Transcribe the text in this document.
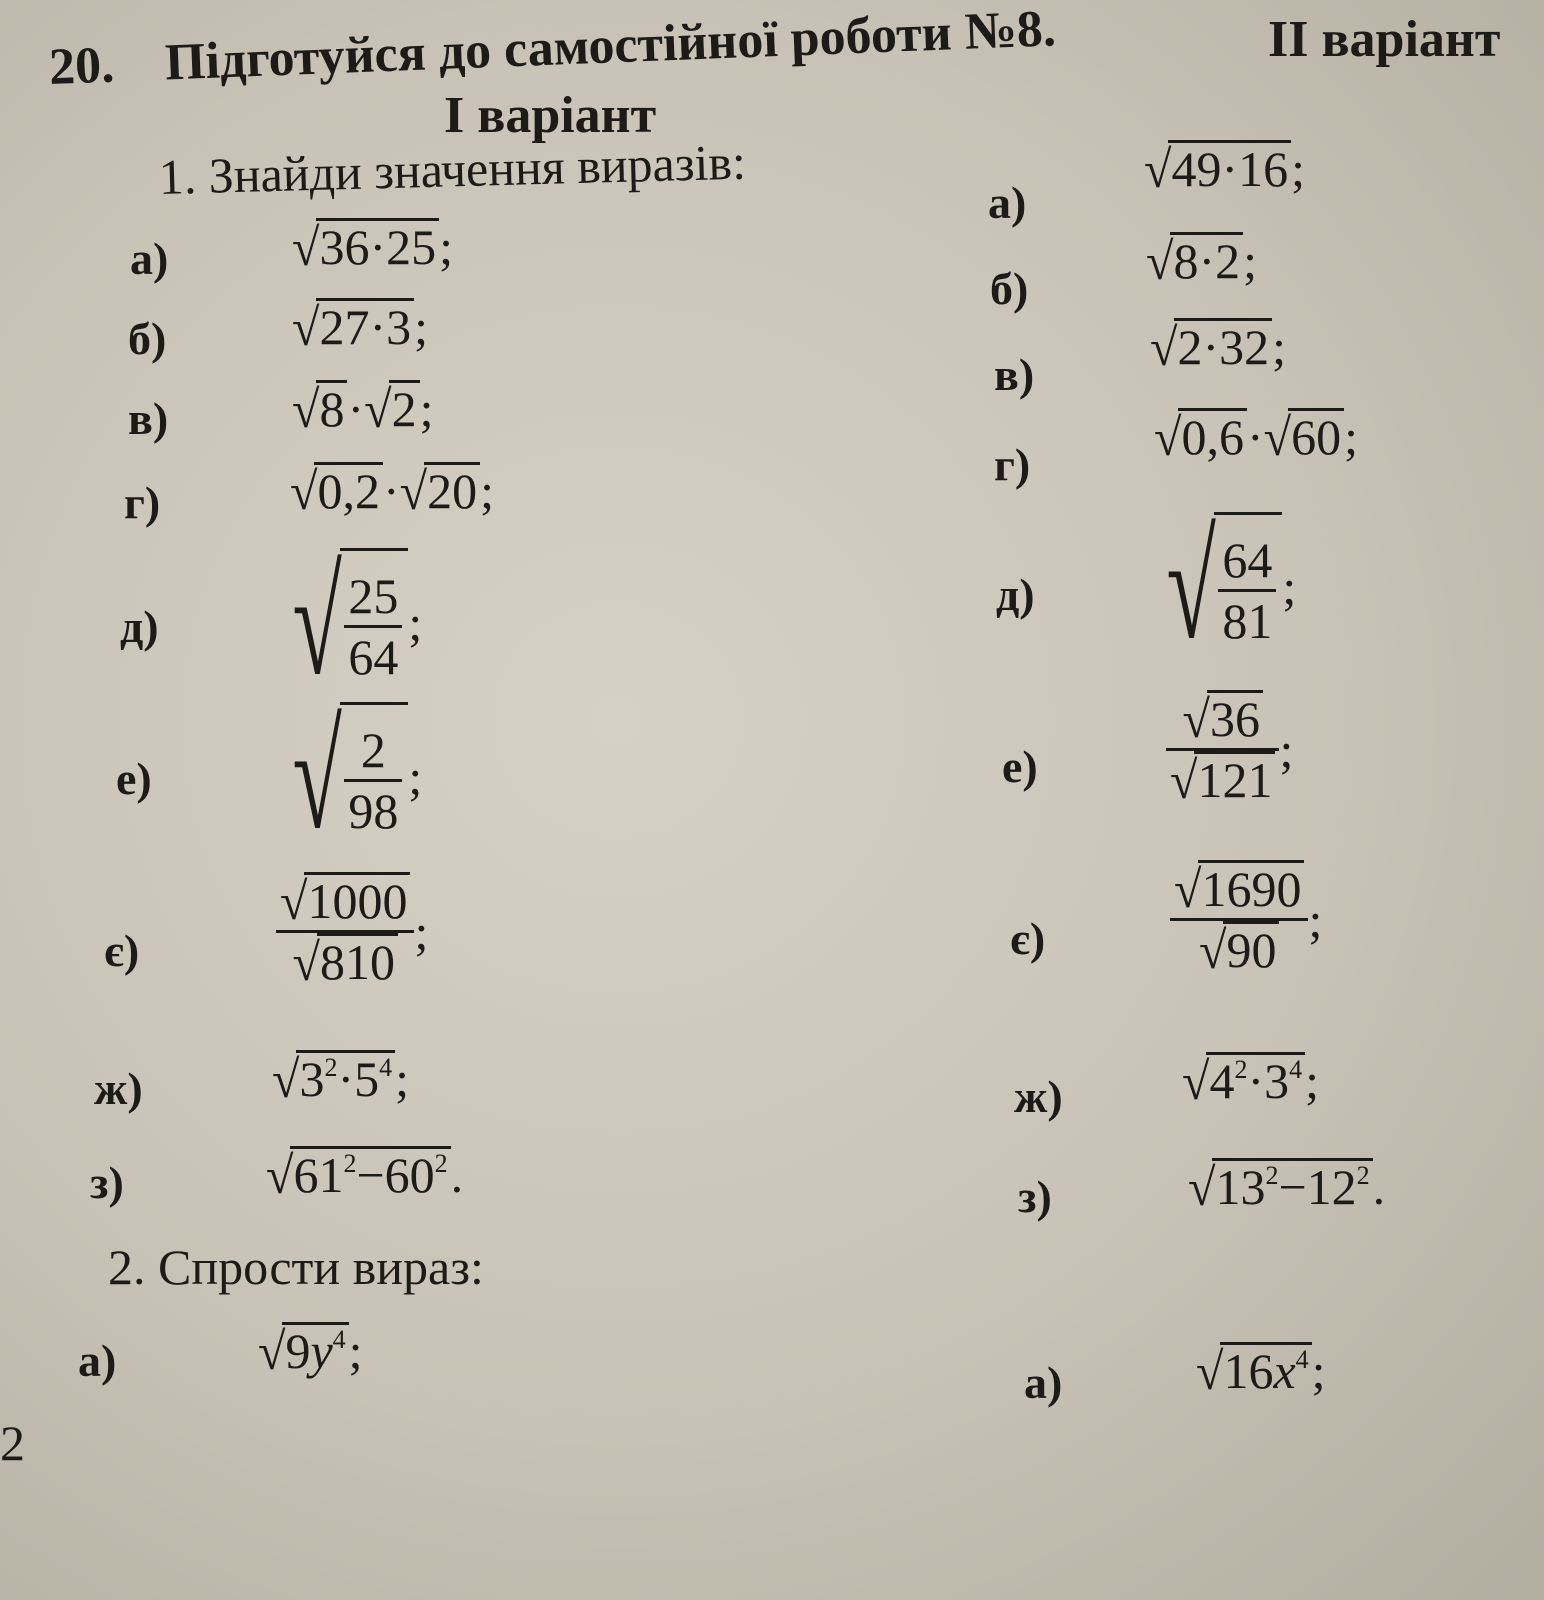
20. Підготуйся до самостійної роботи №8.	ІІ варіант
І варіант
1. Знайди значення виразів:
а) √ 36·25 ;
б)	√ 27·3 ;
в) √ 8 · √ 2 ;
г)	√ 0,2 · √ 20 ;
д) √ $\frac{25}{64}$ ;
е) √ $\frac{2}{98}$ ;
є)	$\frac{√ 1000}{√ 810}$ ;
ж)	√ $3^2\cdot 5^4$ ;
з)	√ $61^2-60^2$ .
а)
√ 49·16 ;
б) √ 8·2 ;
в) √ 2·32 ;
г) √ 0,6 · √ 60 ;
д) √ $\frac{64}{81}$ ;
е)	$\frac{√ 36}{√ 121}$ ;
$є) \frac{√ 1690}{√ 90}$ ;
ж) √ $4^2\cdot 3^4$ ;
з)	√ $13^2-12^2$ .
2. Спрости вираз:
а)	√ $9y^4$ ;
а)	√ $16x^4$ ;
2
